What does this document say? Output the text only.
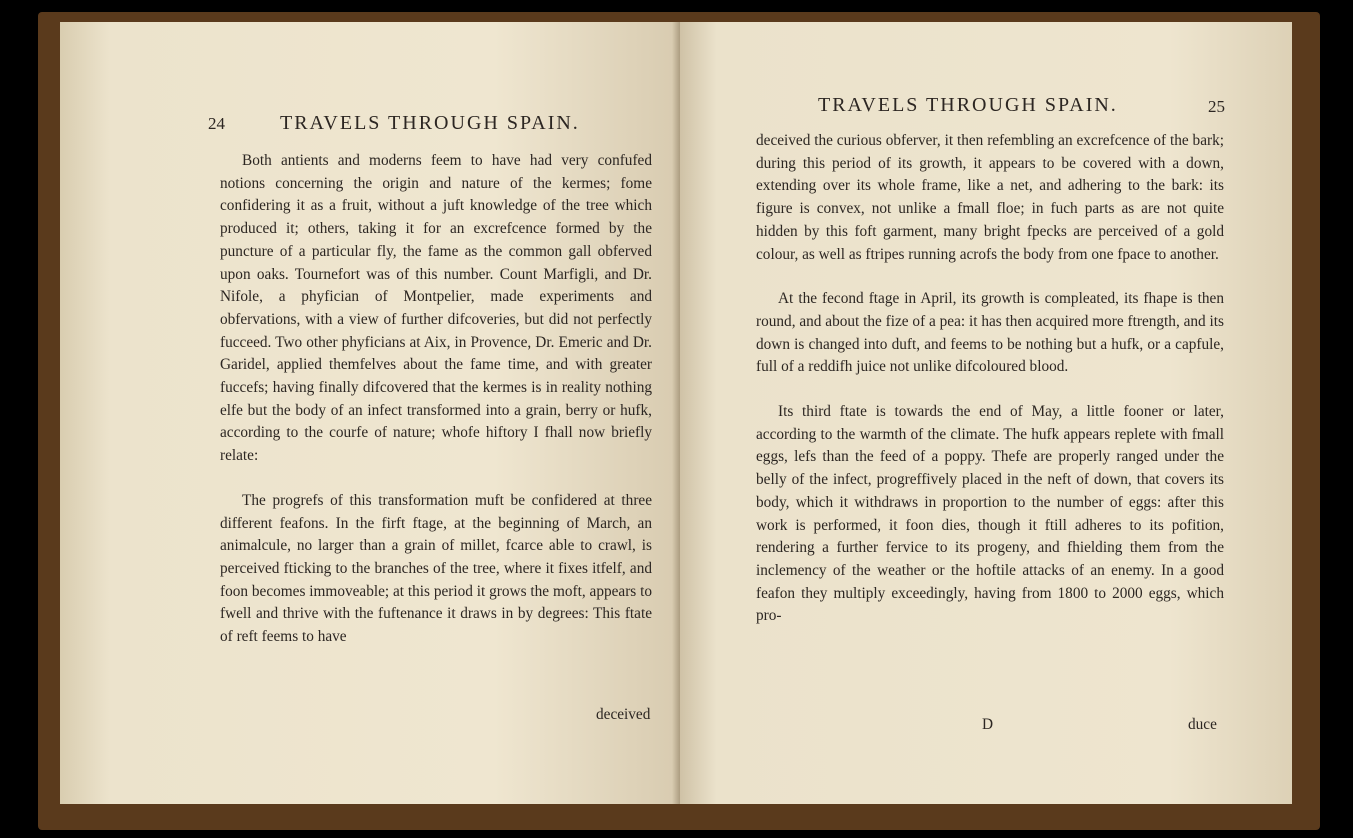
24	TRAVELS THROUGH SPAIN.

Both antients and moderns feem to have had very confufed notions concerning the origin and nature of the kermes; fome confidering it as a fruit, without a juft knowledge of the tree which produced it; others, taking it for an excrefcence formed by the puncture of a particular fly, the fame as the common gall obferved upon oaks. Tournefort was of this number. Count Marfigli, and Dr. Nifole, a phyfician of Montpelier, made experiments and obfervations, with a view of further difcoveries, but did not perfectly fucceed. Two other phyficians at Aix, in Provence, Dr. Emeric and Dr. Garidel, applied themfelves about the fame time, and with greater fuccefs; having finally difcovered that the kermes is in reality nothing elfe but the body of an infect transformed into a grain, berry or hufk, according to the courfe of nature; whofe hiftory I fhall now briefly relate:

The progrefs of this transformation muft be confidered at three different feafons. In the firft ftage, at the beginning of March, an animalcule, no larger than a grain of millet, fcarce able to crawl, is perceived fticking to the branches of the tree, where it fixes itfelf, and foon becomes immoveable; at this period it grows the moft, appears to fwell and thrive with the fuftenance it draws in by degrees: This ftate of reft feems to have

deceived
TRAVELS THROUGH SPAIN.	25

deceived the curious obferver, it then refembling an excrefcence of the bark; during this period of its growth, it appears to be covered with a down, extending over its whole frame, like a net, and adhering to the bark: its figure is convex, not unlike a fmall floe; in fuch parts as are not quite hidden by this foft garment, many bright fpecks are perceived of a gold colour, as well as ftripes running acrofs the body from one fpace to another.

At the fecond ftage in April, its growth is compleated, its fhape is then round, and about the fize of a pea: it has then acquired more ftrength, and its down is changed into duft, and feems to be nothing but a hufk, or a capfule, full of a reddifh juice not unlike difcoloured blood.

Its third ftate is towards the end of May, a little fooner or later, according to the warmth of the climate. The hufk appears replete with fmall eggs, lefs than the feed of a poppy. Thefe are properly ranged under the belly of the infect, progreffively placed in the neft of down, that covers its body, which it withdraws in proportion to the number of eggs: after this work is performed, it foon dies, though it ftill adheres to its pofition, rendering a further fervice to its progeny, and fhielding them from the inclemency of the weather or the hoftile attacks of an enemy. In a good feafon they multiply exceedingly, having from 1800 to 2000 eggs, which pro-

D	duce
